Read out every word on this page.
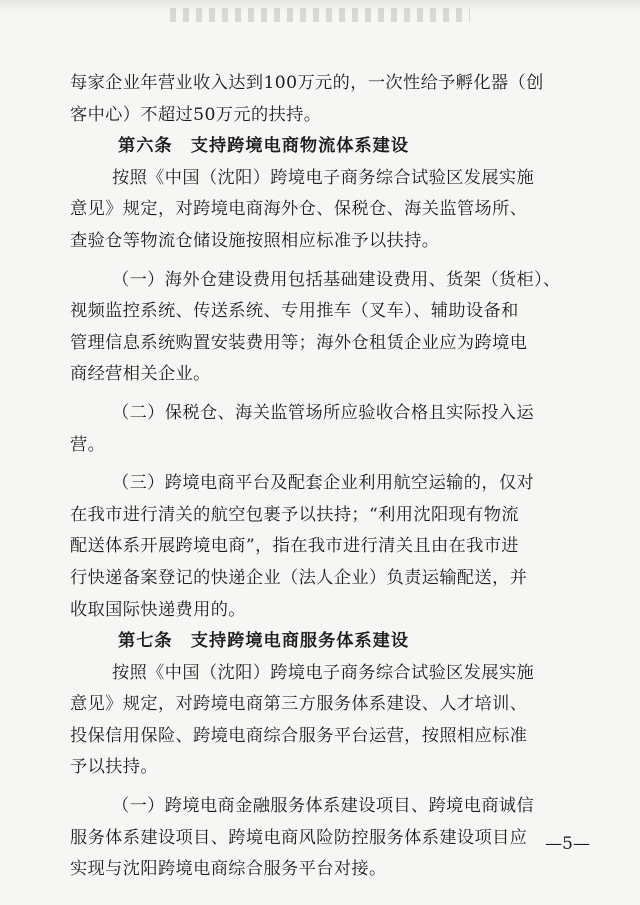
每家企业年营业收入达到100万元的，一次性给予孵化器（创
客中心）不超过50万元的扶持。
第六条　支持跨境电商物流体系建设
按照《中国（沈阳）跨境电子商务综合试验区发展实施
意见》规定，对跨境电商海外仓、保税仓、海关监管场所、
查验仓等物流仓储设施按照相应标准予以扶持。
（一）海外仓建设费用包括基础建设费用、货架（货柜）、
视频监控系统、传送系统、专用推车（叉车）、辅助设备和
管理信息系统购置安装费用等；海外仓租赁企业应为跨境电
商经营相关企业。
（二）保税仓、海关监管场所应验收合格且实际投入运
营。
（三）跨境电商平台及配套企业利用航空运输的，仅对
在我市进行清关的航空包裹予以扶持；“利用沈阳现有物流
配送体系开展跨境电商”，指在我市进行清关且由在我市进
行快递备案登记的快递企业（法人企业）负责运输配送，并
收取国际快递费用的。
第七条　支持跨境电商服务体系建设
按照《中国（沈阳）跨境电子商务综合试验区发展实施
意见》规定，对跨境电商第三方服务体系建设、人才培训、
投保信用保险、跨境电商综合服务平台运营，按照相应标准
予以扶持。
（一）跨境电商金融服务体系建设项目、跨境电商诚信
服务体系建设项目、跨境电商风险防控服务体系建设项目应
实现与沈阳跨境电商综合服务平台对接。
—5—
